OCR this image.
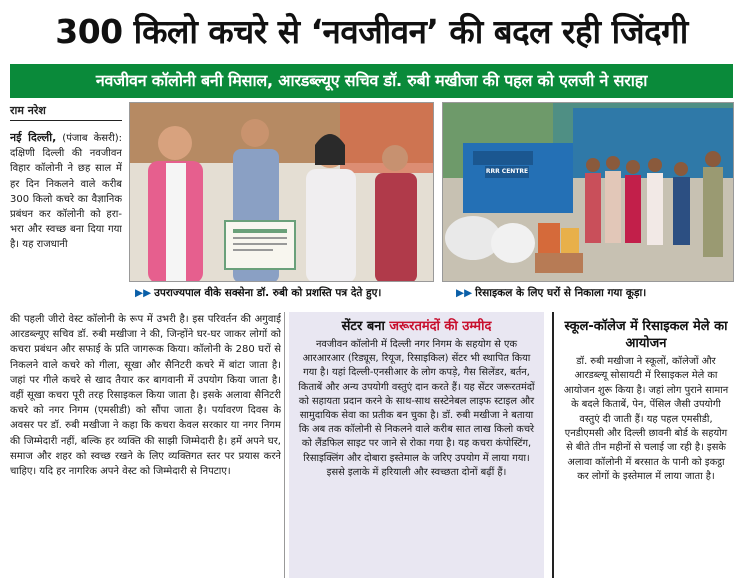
300 किलो कचरे से ‘नवजीवन’ की बदल रही जिंदगी
नवजीवन कॉलोनी बनी मिसाल, आरडब्ल्यूए सचिव डॉ. रुबी मखीजा की पहल को एलजी ने सराहा
राम नरेश
नई दिल्ली, (पंजाब केसरी): दक्षिणी दिल्ली की नवजीवन विहार कॉलोनी ने छह साल में हर दिन निकलने वाले करीब 300 किलो कचरे का वैज्ञानिक प्रबंधन कर कॉलोनी को हरा-भरा और स्वच्छ बना दिया गया है। यह राजधानी
की पहली जीरो वेस्ट कॉलोनी के रूप में उभरी है। इस परिवर्तन की अगुवाई आरडब्ल्यूए सचिव डॉ. रुबी मखीजा ने की, जिन्होंने घर-घर जाकर लोगों को कचरा प्रबंधन और सफाई के प्रति जागरूक किया। कॉलोनी के 280 घरों से निकलने वाले कचरे को गीला, सूखा और सैनिटरी कचरे में बांटा जाता है। जहां पर गीले कचरे से खाद तैयार कर बागवानी में उपयोग किया जाता है। वहीं सूखा कचरा पूरी तरह रिसाइकल किया जाता है। इसके अलावा सैनिटरी कचरे को नगर निगम (एमसीडी) को सौंपा जाता है। पर्यावरण दिवस के अवसर पर डॉ. रुबी मखीजा ने कहा कि कचरा केवल सरकार या नगर निगम की जिम्मेदारी नहीं, बल्कि हर व्यक्ति की साझी जिम्मेदारी है। हमें अपने घर, समाज और शहर को स्वच्छ रखने के लिए व्यक्तिगत स्तर पर प्रयास करने चाहिए। यदि हर नागरिक अपने वेस्ट को जिम्मेदारी से निपटाए।
▶▶ उपराज्यपाल वीके सक्सेना डॉ. रुबी को प्रशस्ति पत्र देते हुए।
RRR CENTRE
▶▶ रिसाइकल के लिए घरों से निकाला गया कूड़ा।
सेंटर बना जरूरतमंदों की उम्मीद
नवजीवन कॉलोनी में दिल्ली नगर निगम के सहयोग से एक आरआरआर (रिड्यूस, रियूज, रिसाइकिल) सेंटर भी स्थापित किया गया है। यहां दिल्ली-एनसीआर के लोग कपड़े, गैस सिलेंडर, बर्तन, किताबें और अन्य उपयोगी वस्तुएं दान करते हैं। यह सेंटर जरूरतमंदों को सहायता प्रदान करने के साथ-साथ सस्टेनेबल लाइफ स्टाइल और सामुदायिक सेवा का प्रतीक बन चुका है। डॉ. रुबी मखीजा ने बताया कि अब तक कॉलोनी से निकलने वाले करीब सात लाख किलो कचरे को लैंडफिल साइट पर जाने से रोका गया है। यह कचरा कंपोस्टिंग, रिसाइक्लिंग और दोबारा इस्तेमाल के जरिए उपयोग में लाया गया। इससे इलाके में हरियाली और स्वच्छता दोनों बढ़ीं हैं।
स्कूल-कॉलेज में रिसाइकल मेले का आयोजन
डॉ. रुबी मखीजा ने स्कूलों, कॉलेजों और आरडब्ल्यू सोसायटी में रिसाइकल मेले का आयोजन शुरू किया है। जहां लोग पुराने सामान के बदले किताबें, पेन, पेंसिल जैसी उपयोगी वस्तुएं दी जाती हैं। यह पहल एमसीडी, एनडीएमसी और दिल्ली छावनी बोर्ड के सहयोग से बीते तीन महीनों से चलाई जा रही है। इसके अलावा कॉलोनी में बरसात के पानी को इकट्ठा कर लोगों के इस्तेमाल में लाया जाता है।
